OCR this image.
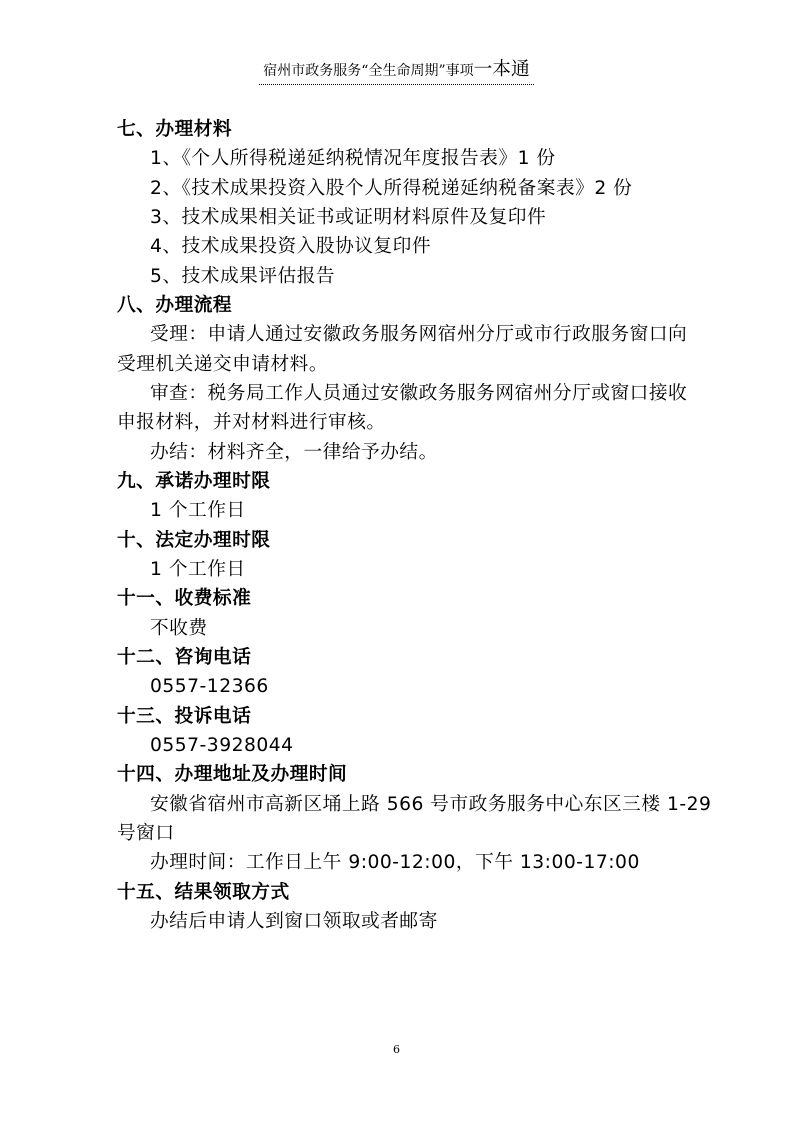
宿州市政务服务“全生命周期”事项一本通
七、办理材料
1、《个人所得税递延纳税情况年度报告表》1 份
2、《技术成果投资入股个人所得税递延纳税备案表》2 份
3、技术成果相关证书或证明材料原件及复印件
4、技术成果投资入股协议复印件
5、技术成果评估报告
八、办理流程
受理：申请人通过安徽政务服务网宿州分厅或市行政服务窗口向
受理机关递交申请材料。
审查：税务局工作人员通过安徽政务服务网宿州分厅或窗口接收
申报材料，并对材料进行审核。
办结：材料齐全，一律给予办结。
九、承诺办理时限
1 个工作日
十、法定办理时限
1 个工作日
十一、收费标准
不收费
十二、咨询电话
0557-12366
十三、投诉电话
0557-3928044
十四、办理地址及办理时间
安徽省宿州市高新区埇上路 566 号市政务服务中心东区三楼 1-29
号窗口
办理时间：工作日上午 9:00-12:00，下午 13:00-17:00
十五、结果领取方式
办结后申请人到窗口领取或者邮寄
6
